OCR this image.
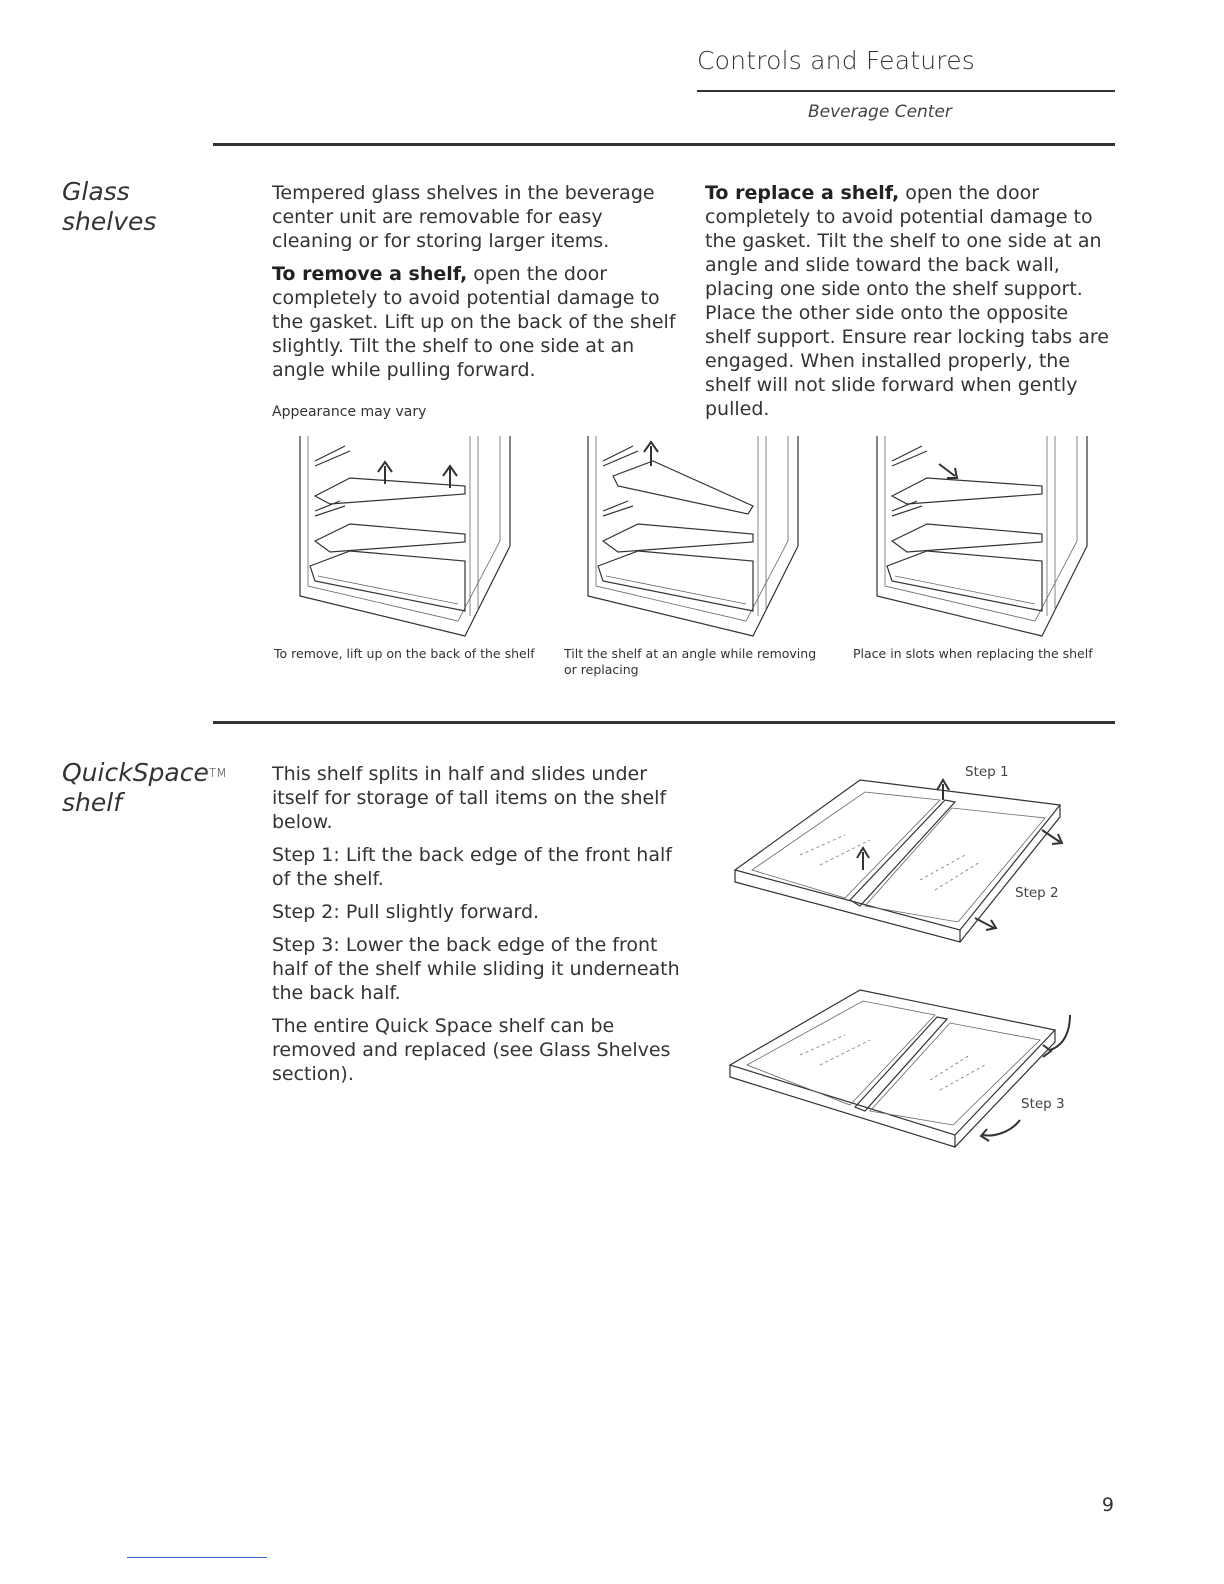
Controls and Features
Beverage Center
Glass
shelves

Tempered glass shelves in the beverage center unit are removable for easy cleaning or for storing larger items.

To remove a shelf, open the door completely to avoid potential damage to the gasket. Lift up on the back of the shelf slightly. Tilt the shelf to one side at an angle while pulling forward.

To replace a shelf, open the door completely to avoid potential damage to the gasket. Tilt the shelf to one side at an angle and slide toward the back wall, placing one side onto the shelf support. Place the other side onto the opposite shelf support. Ensure rear locking tabs are engaged. When installed properly, the shelf will not slide forward when gently pulled.

Appearance may vary
To remove, lift up on the back of the shelf	Tilt the shelf at an angle while removing or replacing
Place in slots when replacing the shelf
QuickSpace™
shelf

This shelf splits in half and slides under itself for storage of tall items on the shelf below.

Step 1: Lift the back edge of the front half of the shelf.

Step 2: Pull slightly forward.

Step 3: Lower the back edge of the front half of the shelf while sliding it underneath the back half.

The entire Quick Space shelf can be removed and replaced (see Glass Shelves section).

Step 1
Step 2
Step 3
9
